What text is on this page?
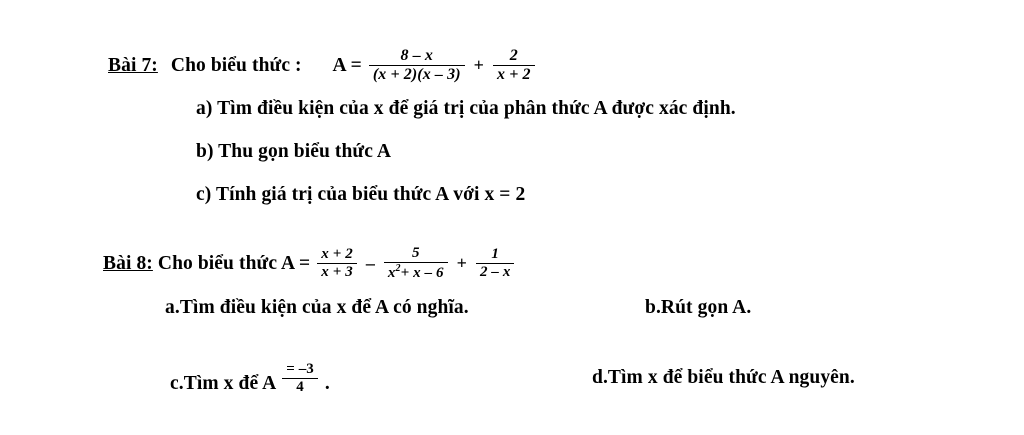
Bài 7: Cho biểu thức : $A = \frac{8 - x}{(x + 2)(x - 3)} + \frac{2}{x + 2}$
a) Tìm điều kiện của x để giá trị của phân thức A được xác định.
b) Thu gọn biểu thức A
c) Tính giá trị của biểu thức A với x = 2
Bài 8: Cho biểu thức $A = \frac{x + 2}{x + 3} - \frac{5}{x^2+ x - 6} + \frac{1}{2 - x}$
a.Tìm điều kiện của x để A có nghĩa.	b.Rút gọn A.
c.Tìm x để A $\frac{= -3}{4}$ .	d.Tìm x để biểu thức A nguyên.
